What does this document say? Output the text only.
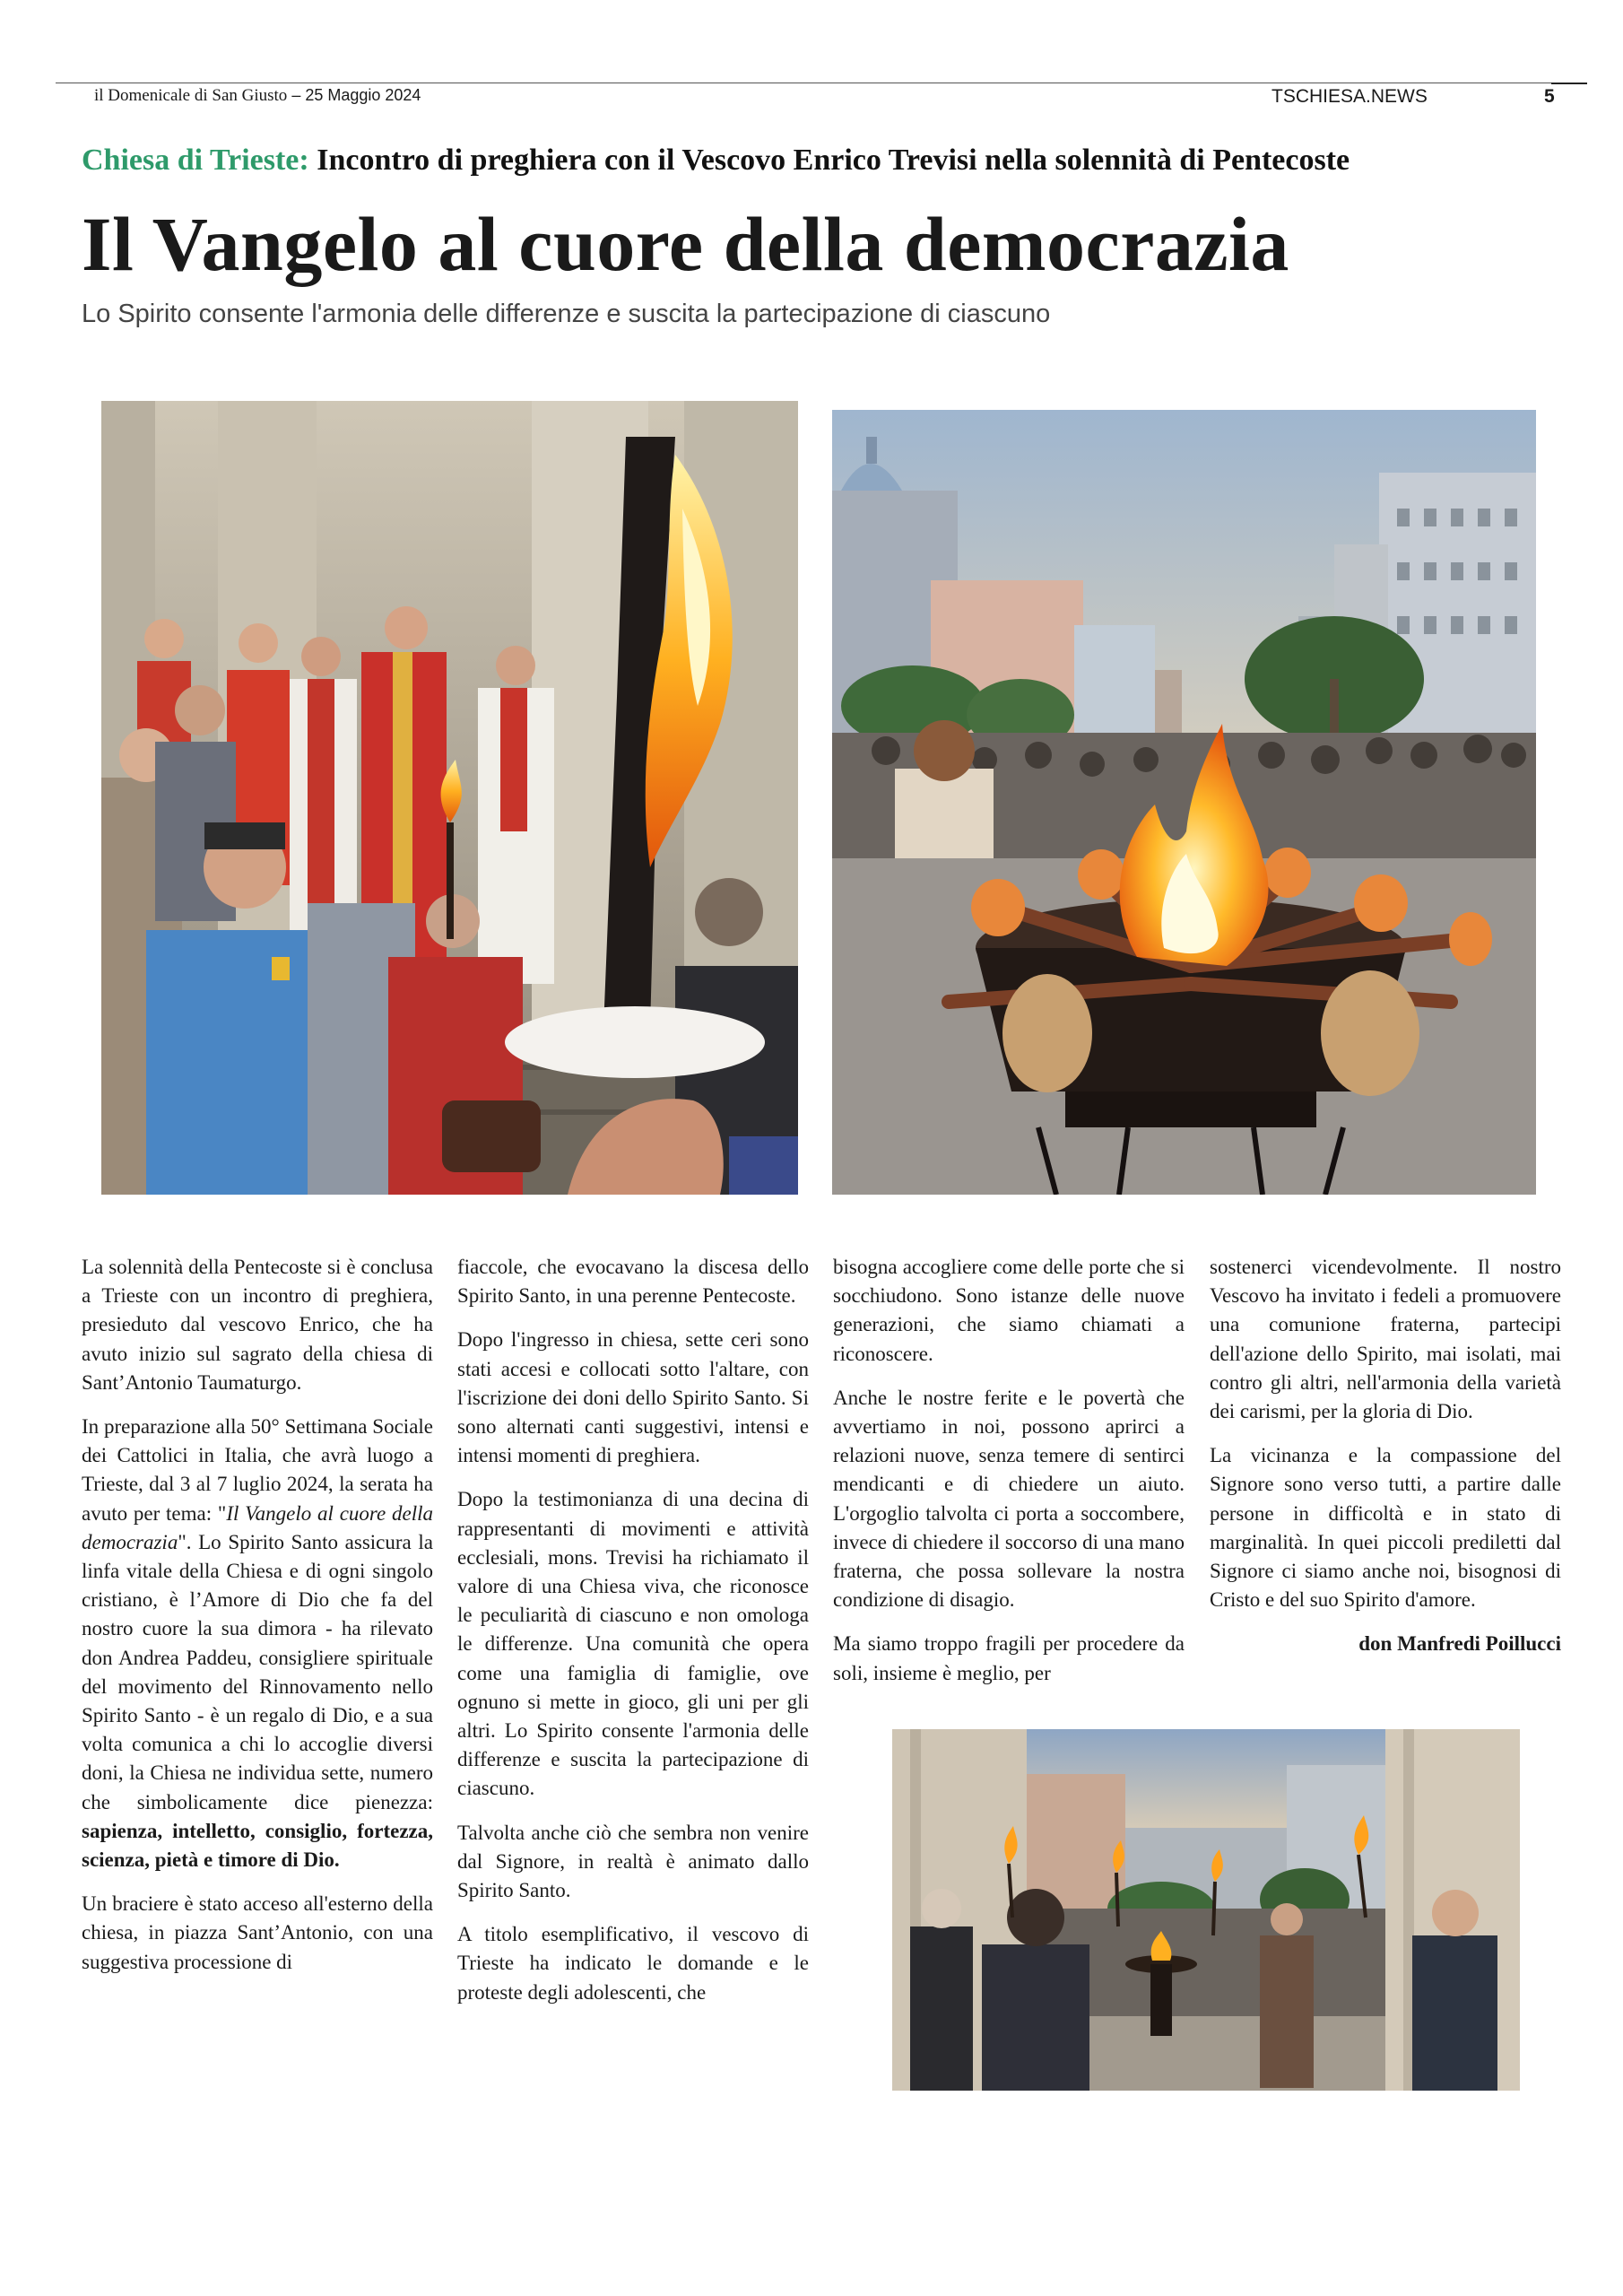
il Domenicale di San Giusto – 25 Maggio 2024	TSCHIESA.NEWS	5
Chiesa di Trieste: Incontro di preghiera con il Vescovo Enrico Trevisi nella solennità di Pentecoste
Il Vangelo al cuore della democrazia
Lo Spirito consente l'armonia delle differenze e suscita la partecipazione di ciascuno

La solennità della Pentecoste si è conclusa a Trieste con un incontro di preghiera, presieduto dal vescovo Enrico, che ha avuto inizio sul sagrato della chiesa di Sant’Antonio Taumaturgo.

In preparazione alla 50° Settimana Sociale dei Cattolici in Italia, che avrà luogo a Trieste, dal 3 al 7 luglio 2024, la serata ha avuto per tema: "Il Vangelo al cuore della democrazia". Lo Spirito Santo assicura la linfa vitale della Chiesa e di ogni singolo cristiano, è l’Amore di Dio che fa del nostro cuore la sua dimora - ha rilevato don Andrea Paddeu, consigliere spirituale del movimento del Rinnovamento nello Spirito Santo - è un regalo di Dio, e a sua volta comunica a chi lo accoglie diversi doni, la Chiesa ne individua sette, numero che simbolicamente dice pienezza: sapienza, intelletto, consiglio, fortezza, scienza, pietà e timore di Dio.

Un braciere è stato acceso all'esterno della chiesa, in piazza Sant’Antonio, con una suggestiva processione di

fiaccole, che evocavano la discesa dello Spirito Santo, in una perenne Pentecoste.

Dopo l'ingresso in chiesa, sette ceri sono stati accesi e collocati sotto l'altare, con l'iscrizione dei doni dello Spirito Santo. Si sono alternati canti suggestivi, intensi e intensi momenti di preghiera.

Dopo la testimonianza di una decina di rappresentanti di movimenti e attività ecclesiali, mons. Trevisi ha richiamato il valore di una Chiesa viva, che riconosce le peculiarità di ciascuno e non omologa le differenze. Una comunità che opera come una famiglia di famiglie, ove ognuno si mette in gioco, gli uni per gli altri. Lo Spirito consente l'armonia delle differenze e suscita la partecipazione di ciascuno.

Talvolta anche ciò che sembra non venire dal Signore, in realtà è animato dallo Spirito Santo.

A titolo esemplificativo, il vescovo di Trieste ha indicato le domande e le proteste degli adolescenti, che

bisogna accogliere come delle porte che si socchiudono. Sono istanze delle nuove generazioni, che siamo chiamati a riconoscere.

Anche le nostre ferite e le povertà che avvertiamo in noi, possono aprirci a relazioni nuove, senza temere di sentirci mendicanti e di chiedere un aiuto. L'orgoglio talvolta ci porta a soccombere, invece di chiedere il soccorso di una mano fraterna, che possa sollevare la nostra condizione di disagio.

Ma siamo troppo fragili per procedere da soli, insieme è meglio, per

sostenerci vicendevolmente. Il nostro Vescovo ha invitato i fedeli a promuovere una comunione fraterna, partecipi dell'azione dello Spirito, mai isolati, mai contro gli altri, nell'armonia della varietà dei carismi, per la gloria di Dio.

La vicinanza e la compassione del Signore sono verso tutti, a partire dalle persone in difficoltà e in stato di marginalità. In quei piccoli prediletti dal Signore ci siamo anche noi, bisognosi di Cristo e del suo Spirito d'amore.

don Manfredi Poillucci
